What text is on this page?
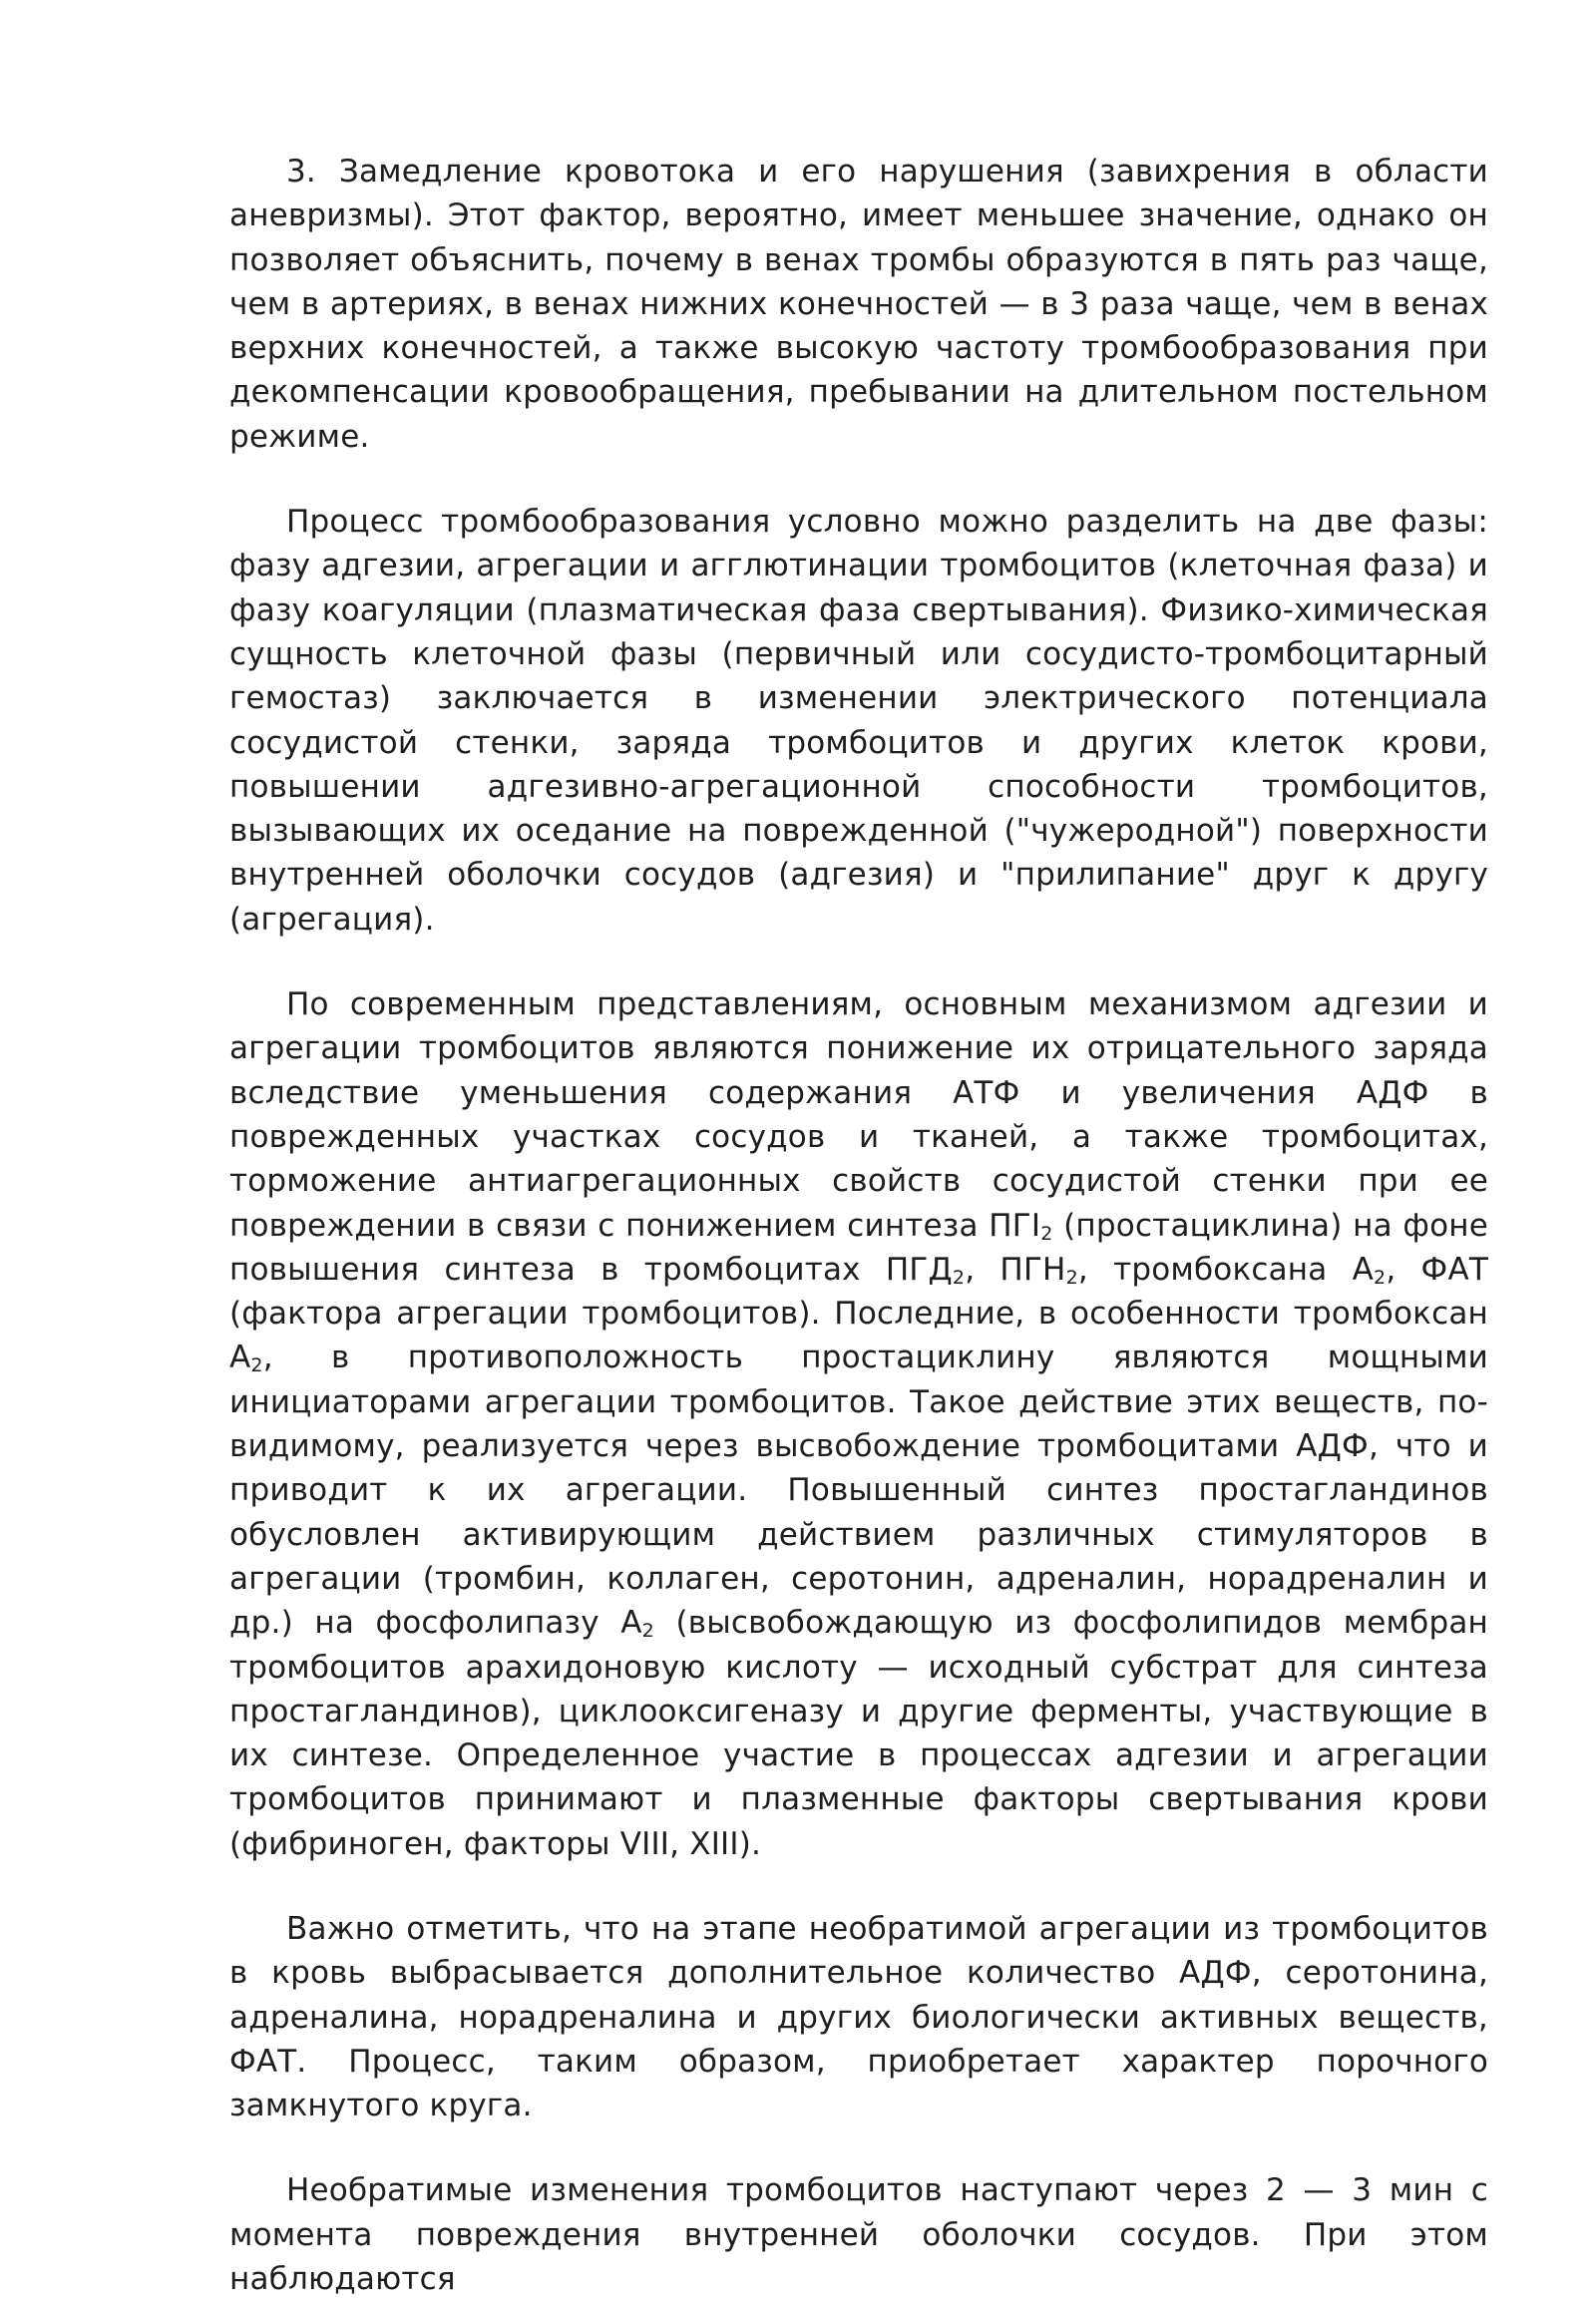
3. Замедление кровотока и его нарушения (завихрения в области аневризмы). Этот фактор, вероятно, имеет меньшее значение, однако он позволяет объяснить, почему в венах тромбы образуются в пять раз чаще, чем в артериях, в венах нижних конечностей — в 3 раза чаще, чем в венах верхних конечностей, а также высокую частоту тромбообразования при декомпенсации кровообращения, пребывании на длительном постельном режиме.

Процесс тромбообразования условно можно разделить на две фазы: фазу адгезии, агрегации и агглютинации тромбоцитов (клеточная фаза) и фазу коагуляции (плазматическая фаза свертывания). Физико-химическая сущность клеточной фазы (первичный или сосудисто-тромбоцитарный гемостаз) заключается в изменении электрического потенциала сосудистой стенки, заряда тромбоцитов и других клеток крови, повышении адгезивно-агрегационной способности тромбоцитов, вызывающих их оседание на поврежденной ("чужеродной") поверхности внутренней оболочки сосудов (адгезия) и "прилипание" друг к другу (агрегация).

По современным представлениям, основным механизмом адгезии и агрегации тромбоцитов являются понижение их отрицательного заряда вследствие уменьшения содержания АТФ и увеличения АДФ в поврежденных участках сосудов и тканей, а также тромбоцитах, торможение антиагрегационных свойств сосудистой стенки при ее повреждении в связи с понижением синтеза $ПГI_2$ (простациклина) на фоне повышения синтеза в тромбоцитах $ПГД_2$, $ПГН_2$, тромбоксана $А_2$, ФАТ (фактора агрегации тромбоцитов). Последние, в особенности тромбоксан $А_2$, в противоположность простациклину являются мощными инициаторами агрегации тромбоцитов. Такое действие этих веществ, по-видимому, реализуется через высвобождение тромбоцитами АДФ, что и приводит к их агрегации. Повышенный синтез простагландинов обусловлен активирующим действием различных стимуляторов в агрегации (тромбин, коллаген, серотонин, адреналин, норадреналин и др.) на фосфолипазу $А_2$ (высвобождающую из фосфолипидов мембран тромбоцитов арахидоновую кислоту — исходный субстрат для синтеза простагландинов), циклооксигеназу и другие ферменты, участвующие в их синтезе. Определенное участие в процессах адгезии и агрегации тромбоцитов принимают и плазменные факторы свертывания крови (фибриноген, факторы VIII, XIII).

Важно отметить, что на этапе необратимой агрегации из тромбоцитов в кровь выбрасывается дополнительное количество АДФ, серотонина, адреналина, норадреналина и других биологически активных веществ, ФАТ. Процесс, таким образом, приобретает характер порочного замкнутого круга.

Необратимые изменения тромбоцитов наступают через 2 — 3 мин с момента повреждения внутренней оболочки сосудов. При этом наблюдаются
